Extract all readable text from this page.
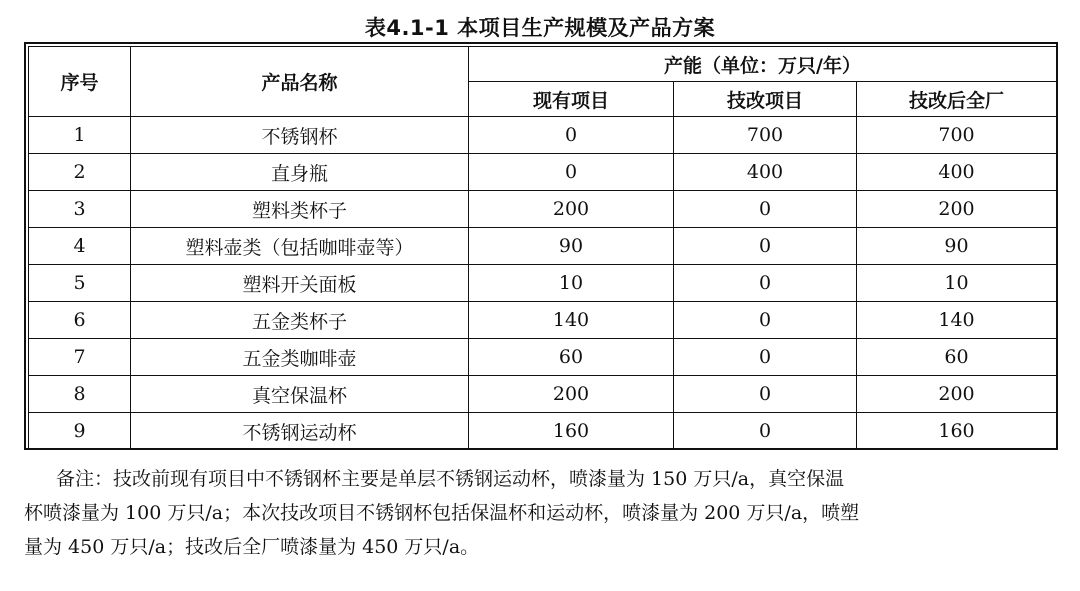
表4.1-1 本项目生产规模及产品方案
序号	产品名称	产能（单位：万只/年）		
		现有项目	技改项目	技改后全厂
1	不锈钢杯	0	700	700
2	直身瓶	0	400	400
3	塑料类杯子	200	0	200
4	塑料壶类（包括咖啡壶等）	90	0	90
5	塑料开关面板	10	0	10
6	五金类杯子	140	0	140
7	五金类咖啡壶	60	0	60
8	真空保温杯	200	0	200
9	不锈钢运动杯	160	0	160
备注：技改前现有项目中不锈钢杯主要是单层不锈钢运动杯，喷漆量为 150 万只/a，真空保温
杯喷漆量为 100 万只/a；本次技改项目不锈钢杯包括保温杯和运动杯，喷漆量为 200 万只/a，喷塑
量为 450 万只/a；技改后全厂喷漆量为 450 万只/a。
